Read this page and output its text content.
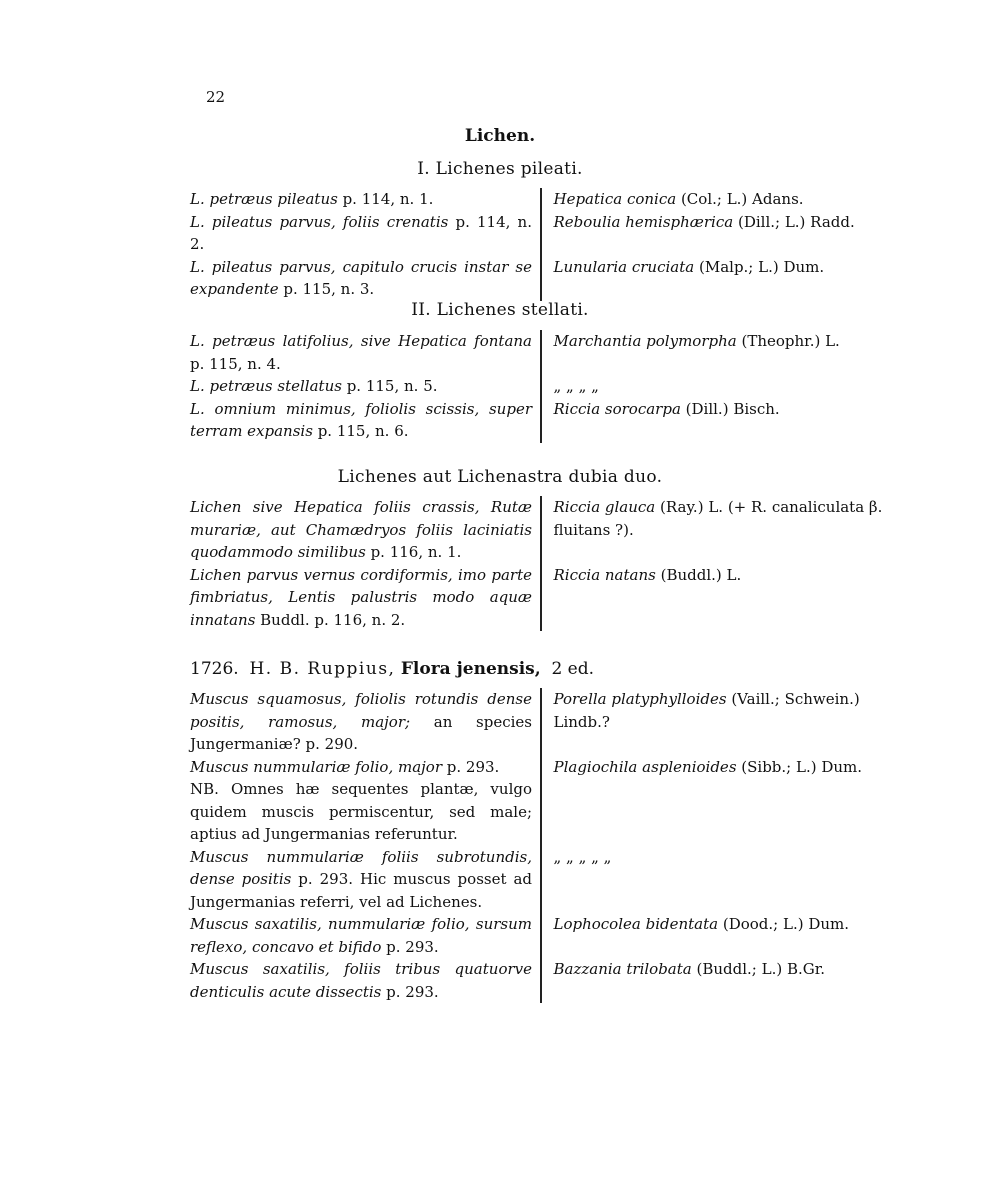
22
Lichen.
I. Lichenes pileati.

L. petræus pileatus p. 114, n. 1.	Hepatica conica (Col.; L.) Adans.

L. pileatus parvus, foliis crenatis p. 114, n. 2.

Reboulia hemisphærica (Dill.; L.) Radd.

L. pileatus parvus, capitulo crucis instar se expandente p. 115, n. 3.

Lunularia cruciata (Malp.; L.) Dum.
II. Lichenes stellati.

L. petræus latifolius, sive Hepatica fontana p. 115, n. 4.

Marchantia polymorpha (Theophr.) L.

L. petræus stellatus p. 115, n. 5.	„ „ „ „

L. omnium minimus, foliolis scissis, super terram expansis p. 115, n. 6.

Riccia sorocarpa (Dill.) Bisch.
Lichenes aut Lichenastra dubia duo.

Lichen sive Hepatica foliis crassis, Rutæ murariæ, aut Chamædryos foliis laciniatis quodammodo similibus p. 116, n. 1.

Riccia glauca (Ray.) L. (+ R. canaliculata β. fluitans ?).

Lichen parvus vernus cordiformis, imo parte fimbriatus, Lentis palustris modo aquæ innatans Buddl. p. 116, n. 2.

Riccia natans (Buddl.) L.
1726. H. B. Ruppius, Flora jenensis, 2 ed.

Muscus squamosus, foliolis rotundis dense positis, ramosus, major; an species Jungermaniæ? p. 290.

Porella platyphylloides (Vaill.; Schwein.) Lindb.?

Muscus nummulariæ folio, major p. 293.

NB. Omnes hæ sequentes plantæ, vulgo quidem muscis permiscentur, sed male; aptius ad Jungermanias referuntur.

Plagiochila asplenioides (Sibb.; L.) Dum.

Muscus nummulariæ foliis subrotundis, dense positis p. 293. Hic muscus posset ad Jungermanias referri, vel ad Lichenes.

„ „ „ „ „

Muscus saxatilis, nummulariæ folio, sursum reflexo, concavo et bifido p. 293.

Lophocolea bidentata (Dood.; L.) Dum.

Muscus saxatilis, foliis tribus quatuorve denticulis acute dissectis p. 293.

Bazzania trilobata (Buddl.; L.) B.Gr.
